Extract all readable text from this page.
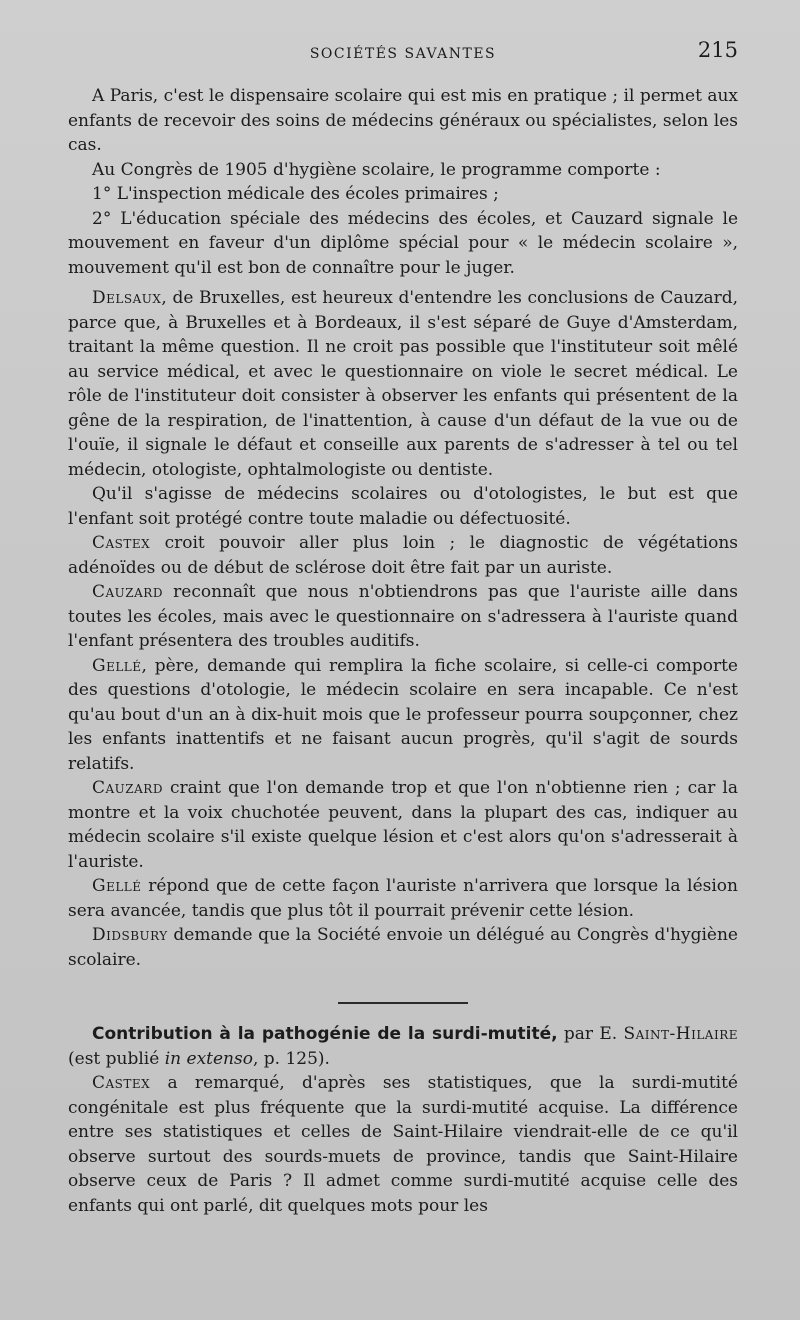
SOCIÉTÉS SAVANTES	215

A Paris, c'est le dispensaire scolaire qui est mis en pratique ; il permet aux enfants de recevoir des soins de médecins généraux ou spécialistes, selon les cas.

Au Congrès de 1905 d'hygiène scolaire, le programme comporte :

1° L'inspection médicale des écoles primaires ;

2° L'éducation spéciale des médecins des écoles, et Cauzard signale le mouvement en faveur d'un diplôme spécial pour « le médecin scolaire », mouvement qu'il est bon de connaître pour le juger.

Delsaux, de Bruxelles, est heureux d'entendre les conclusions de Cauzard, parce que, à Bruxelles et à Bordeaux, il s'est séparé de Guye d'Amsterdam, traitant la même question. Il ne croit pas possible que l'instituteur soit mêlé au service médical, et avec le questionnaire on viole le secret médical. Le rôle de l'instituteur doit consister à observer les enfants qui présentent de la gêne de la respiration, de l'inattention, à cause d'un défaut de la vue ou de l'ouïe, il signale le défaut et conseille aux parents de s'adresser à tel ou tel médecin, otologiste, ophtalmologiste ou dentiste.

Qu'il s'agisse de médecins scolaires ou d'otologistes, le but est que l'enfant soit protégé contre toute maladie ou défectuosité.

Castex croit pouvoir aller plus loin ; le diagnostic de végétations adénoïdes ou de début de sclérose doit être fait par un auriste.

Cauzard reconnaît que nous n'obtiendrons pas que l'auriste aille dans toutes les écoles, mais avec le questionnaire on s'adressera à l'auriste quand l'enfant présentera des troubles auditifs.

Gellé, père, demande qui remplira la fiche scolaire, si celle-ci comporte des questions d'otologie, le médecin scolaire en sera incapable. Ce n'est qu'au bout d'un an à dix-huit mois que le professeur pourra soupçonner, chez les enfants inattentifs et ne faisant aucun progrès, qu'il s'agit de sourds relatifs.

Cauzard craint que l'on demande trop et que l'on n'obtienne rien ; car la montre et la voix chuchotée peuvent, dans la plupart des cas, indiquer au médecin scolaire s'il existe quelque lésion et c'est alors qu'on s'adresserait à l'auriste.

Gellé répond que de cette façon l'auriste n'arrivera que lorsque la lésion sera avancée, tandis que plus tôt il pourrait prévenir cette lésion.

Didsbury demande que la Société envoie un délégué au Congrès d'hygiène scolaire.

Contribution à la pathogénie de la surdi-mutité, par E. Saint-Hilaire (est publié in extenso, p. 125).

Castex a remarqué, d'après ses statistiques, que la surdi-mutité congénitale est plus fréquente que la surdi-mutité acquise. La différence entre ses statistiques et celles de Saint-Hilaire viendrait-elle de ce qu'il observe surtout des sourds-muets de province, tandis que Saint-Hilaire observe ceux de Paris ? Il admet comme surdi-mutité acquise celle des enfants qui ont parlé, dit quelques mots pour les
